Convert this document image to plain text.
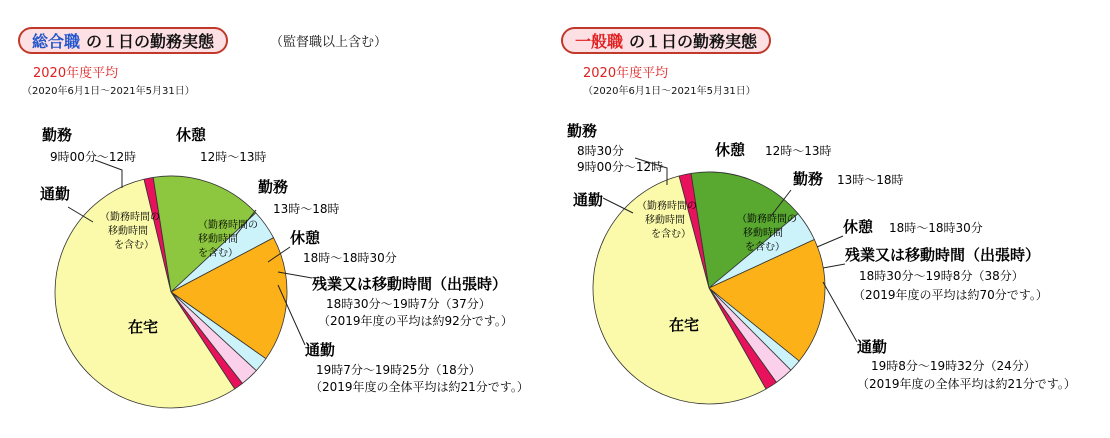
総合職 の１日の勤務実態	（監督職以上含む）
2020年度平均
（2020年6月1日～2021年5月31日）
勤務
9時00分～12時
（勤務時間の
移動時間
を含む）
休憩
12時～13時
勤務
13時～18時
（勤務時間の
移動時間
を含む）
休憩
18時～18時30分
残業又は移動時間（出張時）
18時30分～19時7分（37分）
（2019年度の平均は約92分です。）
通勤
通勤
19時7分～19時25分（18分）
（2019年度の全体平均は約21分です。）
在宅
一般職 の１日の勤務実態
2020年度平均
（2020年6月1日～2021年5月31日）
勤務
8時30分 9時00分～12時
（勤務時間の
移動時間
を含む）
休憩 12時～13時
勤務 13時～18時
（勤務時間の
移動時間
を含む）
休憩 18時～18時30分
残業又は移動時間（出張時）
18時30分～19時8分（38分）
（2019年度の平均は約70分です。）
通勤
通勤
19時8分～19時32分（24分）
（2019年度の全体平均は約21分です。）
在宅
